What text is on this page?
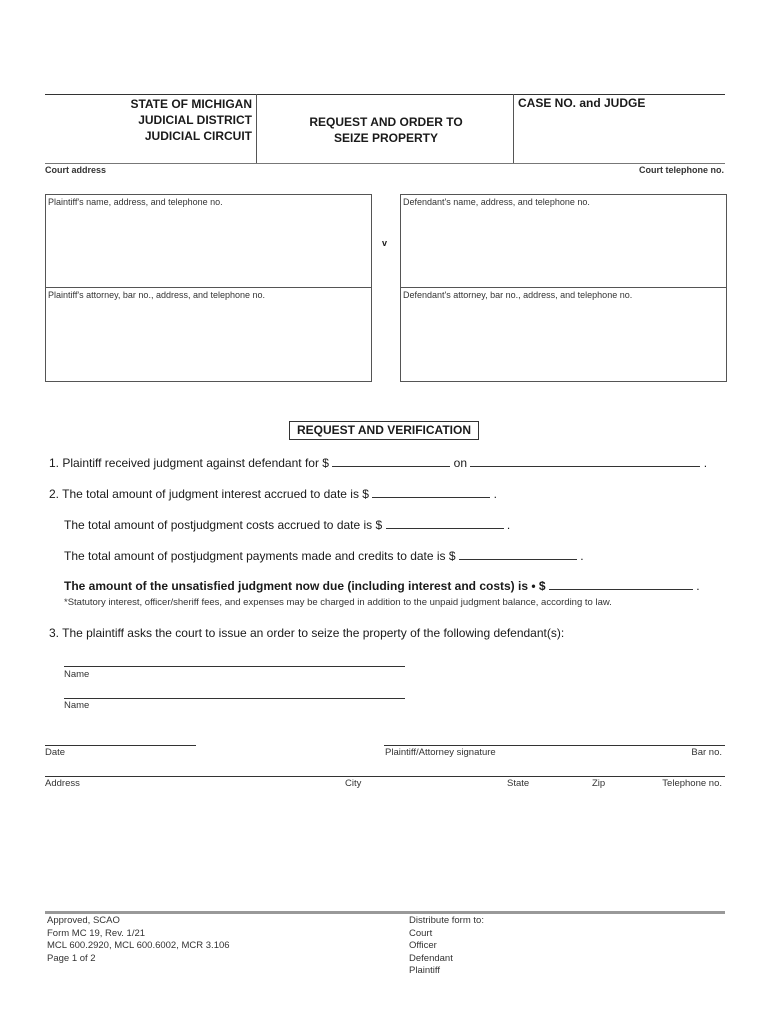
STATE OF MICHIGAN
JUDICIAL DISTRICT
JUDICIAL CIRCUIT
REQUEST AND ORDER TO
SEIZE PROPERTY
CASE NO. and JUDGE
Court address	Court telephone no.
Plaintiff's name, address, and telephone no.
Plaintiff's attorney, bar no., address, and telephone no.
v
Defendant's name, address, and telephone no.
Defendant's attorney, bar no., address, and telephone no.
REQUEST AND VERIFICATION
1. Plaintiff received judgment against defendant for $	on	.
2. The total amount of judgment interest accrued to date is $	.
The total amount of postjudgment costs accrued to date is $	.
The total amount of postjudgment payments made and credits to date is $	.
The amount of the unsatisfied judgment now due (including interest and costs) is • $	.
*Statutory interest, officer/sheriff fees, and expenses may be charged in addition to the unpaid judgment balance, according to law.
3. The plaintiff asks the court to issue an order to seize the property of the following defendant(s):
Name
Name
Date	Plaintiff/Attorney signature	Bar no.
Address	City	State	Zip	Telephone no.
Approved, SCAO
Form MC 19, Rev. 1/21
MCL 600.2920, MCL 600.6002, MCR 3.106
Page 1 of 2
Distribute form to:
Court
Officer
Defendant
Plaintiff
